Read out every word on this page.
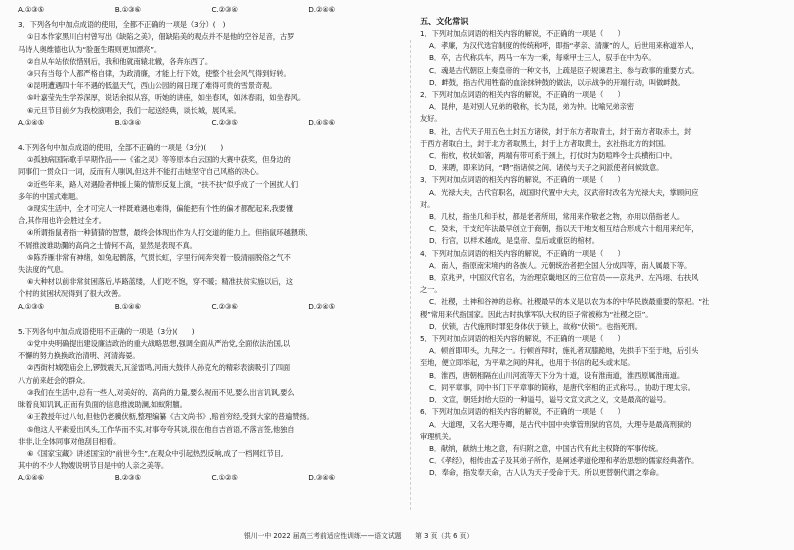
A.①③⑤	B.①③⑥	C.②③④	D.②④⑥
3．下列各句中加点成语的使用，全都不正确的一项是（3分）(　)
①日本作家黑川白村曾写出《缺陷之美》，佃缺陷美的观点并不是他的空谷足音，古罗
马诗人奥维德也认为“脸蛋生瑕则更加漂亮”。
②自从车站依依惜别后，我和他就南辕北辙，各奔东西了。
③只有当每个人都严格自律，为政清廉，才能上行下效，使整个社会风气得到好转。
④昆明遭遇四十年不遇的低温天气，西山公园的闹日现了难得可贵的雪景奇观。
⑤叶嘉莹先生学养深厚，说话余拟从容，听她的讲座，如坐春风，如沐春雨，如坐春风。
⑥元旦节目前夕为我校演唱会，我们一起送经典，谈长城，展风采。
A.①④⑤	B.①③④	C.②③⑤	D.④⑤⑥
4.下列各句中加点成语的使用，全部不正确的一项是（3分)(　　)
①孤独病国际歌手早期作品——《雀之灵》等等原本白云国的大赛中获奖，但身边的
同事们一贯众口一词，反而有人嗤讽,但这并不能打击她坚守自己风格的决心。
②近些年来，路人对遇险者伸援上策的情形反复上演，“扶不扶”似乎成了一个困扰人们
多年的中国式难题。
③现实生活中，全才可完人一样既难遇也难得，偏能把有个性的偏才都配起来,我要懂
合,其作用也许会胜过全才。
④所谓指鼠者指一种猜猜的智慧，最终会体现出作为人打交道的能力上。但指鼠环越猥琐、
不屑推波谁助瀾的高尚之士情何不高，显然是表现不真。
⑤陈乔雁非常有神绪，如兔起鹘落，气贯长虹，字里行间奔突着一股清丽脱俗之气不
失法度的气息。
⑥大种材以前非常贫困落后,毕路蓝缕，人们吃不饱，穿不暖；精准扶贫实施以后，这
个村的贫困状况得到了很大改善。
A.①③⑤	B.①④⑥	C.②③⑥	D.②④⑤
5.下列各句中加点成语使用不正确的一项是（3分)(　　)
①党中央明确提出建设廉洁政治的重大战略思想,强调全面从严治党,全面依法治国,以
不懈的努力换换政治清明、河清海晏。
②西街村城隍庙会上,锣鼓震天,瓦釜雷鸣,河南大鼓伴人孙克允的精彩表演吸引了四面
八方前来赶会的群众。
③我们在生活中,总有一些人,对美好的、高尚的力量,要么视而不见,要么出言讥讽,要么
昧着良知讥讽,正而有负面的信息推波助澜,如蚁附膻。
④王教授年过八旬,但他仍老骥伏枥,整理编纂《古文尚书》,赔首穷经,受到大家的普遍赞扬。
⑤他这人平素爱出风头,工作华而不实,对事夸夸其谈,很在他自吉首语,不落言签,他独自
非非,让全体同事对他刮目相看。
⑥《国家宝藏》讲述国宝的“前世今生”,在观众中引起热烈反响,成了一档网红节目,
其中的不少人物嫂说明节目是中的人亲之美等。
A.①④⑥	B.②③⑤	C.①②⑤	D.③④⑥
五、文化常识
1．下列对加点词语的相关内容的解说，不正确的一项是（　　）
A．孝廉，为汉代选官制度的传统称呼，即指“孝亲、清廉”的人，后世用来称道举人，
B．卒，古代称兵车，两马一车为一乘，每乘甲士三人，驭手在中为卒。
C．魂是古代朝臣上奏皇帝的一种文书，上疏是臣子规谏君主、参与政事的重要方式。
D．衅鼓，指古代用牲畜的血涂抹钟鼓的做法，以示战争的开端行动，叫做衅鼓。
2．下列对加点词语的相关内容的解说，不正确的一项是（　　）
A．昆仲，是对别人兄弟的敬称，长为昆，弟为仲。比喻兄弟亲密
友好。
B．社，古代天子用五色土封五方诸侯，封于东方者取青土，封于南方者取赤土，封
于西方者取白土，封于北方者取黑土，封于上方者取黄土，玄社指北方的封国。
C．衔枚，枚状如箸，两端有带可系于颈上，打仗时为防喧哗令士兵横衔口中。
D．来聘，即来访问，“聘”指诸侯之间、诸侯与天子之间派使者问候致意。
3．下列对加点词语的相关内容的解说，不正确的一项是（　　）
A．光禄大夫，古代官职名，战国时代置中大夫，汉武帝时改名为光禄大夫，掌顾问应
对。
B．几杖，指坐几和手杖，都是老者所用，常用来作敬老之物，亦用以借指老人。
C．癸未，干支纪年法最早创立于商朝，指以天干地支相互结合形成六十组用来纪年，
D．行宫，以样术越成，是皇帝、皇后或重臣的棺材。
4．下列对加点词语的相关内容的解说，不正确的一项是（　　）
A．南人，指原南宋境内的各族人。元朝统治者把全国人分成四等，南人属最下等。
B．京兆尹，中国汉代官名，为治理京畿地区的三位官员——京兆尹、左冯翊、右扶风
之一。
C．社稷，土神和谷神的总称。社稷最早的本义是以农为本的中华民族最重要的祭祀。“社
稷”常用来代指国家。因此古时执掌军队大权的臣子常被称为“社稷之臣”。
D．伏锁，古代施刑时罪犯身体伏于锁上，故称“伏锁”。也指死刑。
5．下列对加点词语的相关内容的解说，不正确的一项是（　　）
A．顿首即叩头，九拜之一。行顿首拜时，施礼者双膝跪地，先拱手下至于地，后引头
至地，便立即举起，为平辈之间的拜礼，也用于书信的起头或末尾。
B．淮西，唐朝相隔在山川河流等天下分为十道，设有淮南道，淮西原属淮南道。
C．同平章事，同中书门下平章事的简称，是唐代宰相的正式称号。，协助于理太宗。
D．文宣，朝廷封给大臣的一种谥号，谥号文宣文武之义，文是最高的谥号。
6．下列对加点词语的相关内容的解说，不正确的一项是（　　）
A．大道理，又名大理寺卿，是古代中国中央掌管刑狱的官员，大理寺是最高刑狱的
审理机关。
B．献纳，献纳土地之意，有归附之意，中国古代有此主权降的军事传统。
C．《孝经》，相传由孟子及其弟子所作，是阐述孝道伦理和孝治思想的儒家经典著作。
D．奉命，指发奉天命，古人认为天子受命于天。所以更替朝代谓之奉命。
银川一中 2022 届高三考前适应性训练——语文试题　　第 3 页（共 6 页）
